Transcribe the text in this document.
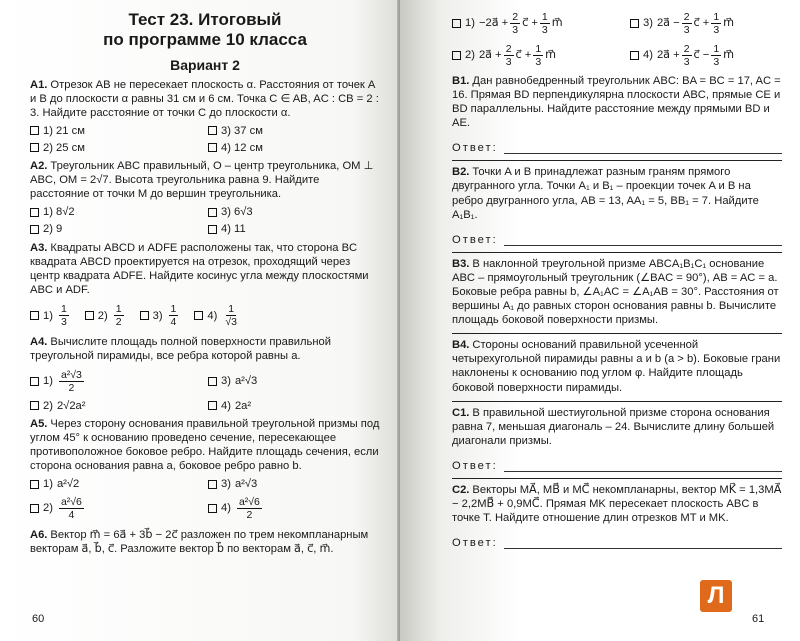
Тест 23. Итоговый
по программе 10 класса
Вариант 2
А1. Отрезок AB не пересекает плоскость α. Расстояния от точек A и B до плоскости α равны 31 см и 6 см. Точка C ∈ AB, AC : CB = 2 : 3. Найдите расстояние от точки C до плоскости α.
1) 21 см	3) 37 см
2) 25 см	4) 12 см
А2. Треугольник ABC правильный, O – центр треугольника, OM ⊥ ABC, OM = 2√7. Высота треугольника равна 9. Найдите расстояние от точки M до вершин треугольника.
1) 8√2	3) 6√3
2) 9	4) 11
А3. Квадраты ABCD и ADFE расположены так, что сторона BC квадрата ABCD проектируется на отрезок, проходящий через центр квадрата ADFE. Найдите косинус угла между плоскостями ABC и ADF.
$1) \frac{1}{3}$	$2) \frac{1}{2}$	$3) \frac{1}{4}$	$4) \frac{1}{√3}$
А4. Вычислите площадь полной поверхности правильной треугольной пирамиды, все ребра которой равны a.
$1) \frac{\text{a²√3}}{2}$	3) a²√3
2) 2√2a²	4) 2a²
А5. Через сторону основания правильной треугольной призмы под углом 45° к основанию проведено сечение, пересекающее противоположное боковое ребро. Найдите площадь сечения, если сторона основания равна a, боковое ребро равно b.
1) a²√2	3) a²√3
$2) \frac{\text{a²√6}}{4}$	$4) \frac{\text{a²√6}}{2}$
А6. Вектор m⃗ = 6a⃗ + 3b⃗ − 2c⃗ разложен по трем некомпланарным векторам a⃗, b⃗, c⃗. Разложите вектор b⃗ по векторам a⃗, c⃗, m⃗.
60
1) −2a⃗ + $\frac{2}{3}$ c⃗ + $\frac{1}{3}$ m⃗	3) 2a⃗ − $\frac{2}{3}$ c⃗ + $\frac{1}{3}$ m⃗
2) 2a⃗ + $\frac{2}{3}$ c⃗ + $\frac{1}{3}$ m⃗	4) 2a⃗ + $\frac{2}{3}$ c⃗ − $\frac{1}{3}$ m⃗
В1. Дан равнобедренный треугольник ABC: BA = BC = 17, AC = 16. Прямая BD перпендикулярна плоскости ABC, прямые CE и BD параллельны. Найдите расстояние между прямыми BD и AE.
Ответ:
В2. Точки A и B принадлежат разным граням прямого двугранного угла. Точки A₁ и B₁ – проекции точек A и B на ребро двугранного угла, AB = 13, AA₁ = 5, BB₁ = 7. Найдите A₁B₁.
Ответ:
В3. В наклонной треугольной призме ABCA₁B₁C₁ основание ABC – прямоугольный треугольник (∠BAC = 90°), AB = AC = a. Боковые ребра равны b, ∠A₁AC = ∠A₁AB = 30°. Расстояния от вершины A₁ до равных сторон основания равны b. Вычислите площадь боковой поверхности призмы.
В4. Стороны оснований правильной усеченной четырехугольной пирамиды равны a и b (a > b). Боковые грани наклонены к основанию под углом φ. Найдите площадь боковой поверхности пирамиды.
С1. В правильной шестиугольной призме сторона основания равна 7, меньшая диагональ – 24. Вычислите длину большей диагонали призмы.
Ответ:
С2. Векторы MA⃗, MB⃗ и MC⃗ некомпланарны, вектор MK⃗ = 1,3MA⃗ − 2,2MB⃗ + 0,9MC⃗. Прямая MK пересекает плоскость ABC в точке T. Найдите отношение длин отрезков MT и MK.
Ответ:
Л
61
